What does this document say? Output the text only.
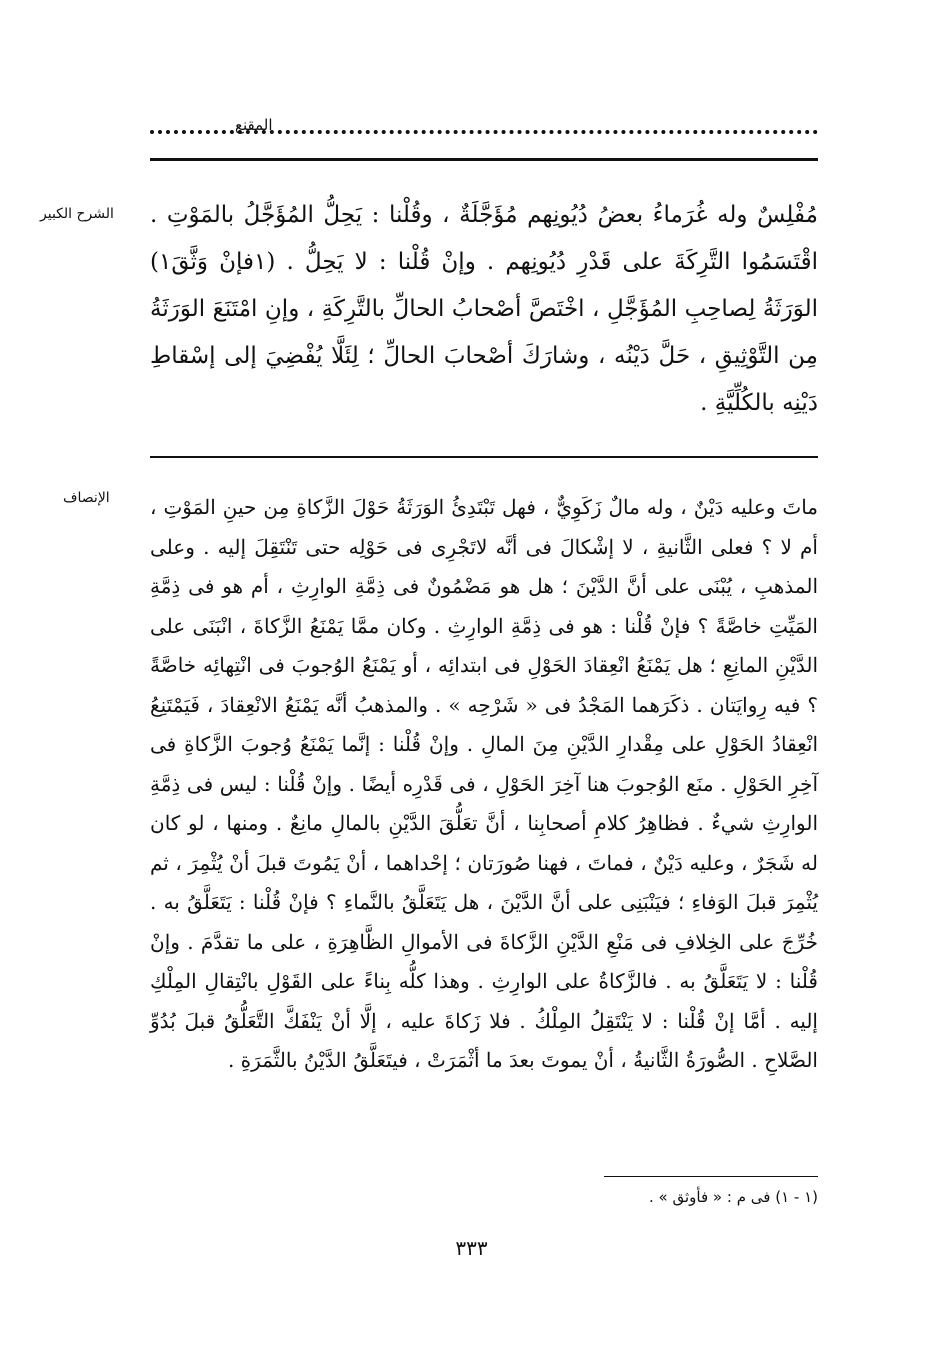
المقنع
الشرح الكبير مُفْلِسٌ وله غُرَماءُ بعضُ دُيُونِهم مُؤَجَّلَةٌ ، وقُلْنا : يَحِلُّ المُؤَجَّلُ بالمَوْتِ . اقْتَسَمُوا التَّرِكَةَ على قَدْرِ دُيُونِهم . وإنْ قُلْنا : لا يَحِلُّ . (١فإنْ وَثَّقَ١) الوَرَثَةُ لِصاحِبِ المُؤَجَّلِ ، اخْتَصَّ أصْحابُ الحالِّ بالتَّرِكَةِ ، وإنِ امْتَنَعَ الوَرَثَةُ مِن التَّوْثِيقِ ، حَلَّ دَيْنُه ، وشارَكَ أصْحابَ الحالِّ ؛ لِئَلَّا يُفْضِيَ إلى إسْقاطِ دَيْنِه بالكُلِّيَّةِ .

الإنصاف ماتَ وعليه دَيْنٌ ، وله مالٌ زَكَوِيٌّ ، فهل تَبْتَدِئُ الوَرَثَةُ حَوْلَ الزَّكاةِ مِن حينِ المَوْتِ ، أم لا ؟ فعلى الثَّانيةِ ، لا إشْكالَ فى أنَّه لاتَجْرِى فى حَوْلِه حتى تَنْتَقِلَ إليه . وعلى المذهبِ ، يُبْنَى على أنَّ الدَّيْنَ ؛ هل هو مَضْمُونٌ فى ذِمَّةِ الوارِثِ ، أم هو فى ذِمَّةِ المَيِّتِ خاصَّةً ؟ فإنْ قُلْنا : هو فى ذِمَّةِ الوارِثِ . وكان ممَّا يَمْنَعُ الزَّكاةَ ، انْبَنَى على الدَّيْنِ المانِعِ ؛ هل يَمْنَعُ انْعِقادَ الحَوْلِ فى ابتدائِه ، أو يَمْنَعُ الوُجوبَ فى انْتِهائِه خاصَّةً ؟ فيه رِوايَتان . ذكَرَهما المَجْدُ فى « شَرْحِه » . والمذهبُ أنَّه يَمْنَعُ الانْعِقادَ ، فَيَمْتَنِعُ انْعِقادُ الحَوْلِ على مِقْدارِ الدَّيْنِ مِنَ المالِ . وإنْ قُلْنا : إنَّما يَمْنَعُ وُجوبَ الزَّكاةِ فى آخِرِ الحَوْلِ . منَع الوُجوبَ هنا آخِرَ الحَوْلِ ، فى قَدْرِه أيضًا . وإنْ قُلْنا : ليس فى ذِمَّةِ الوارِثِ شيءٌ . فظاهِرُ كلامِ أصحابِنا ، أنَّ تعَلُّقَ الدَّيْنِ بالمالِ مانِعٌ . ومنها ، لو كان له شَجَرٌ ، وعليه دَيْنٌ ، فماتَ ، فهنا صُورَتان ؛ إحْداهما ، أنْ يَمُوتَ قبلَ أنْ يُثْمِرَ ، ثم يُثْمِرَ قبلَ الوَفاءِ ؛ فيَنْبَنِى على أنَّ الدَّيْنَ ، هل يَتَعَلَّقُ بالنَّماءِ ؟ فإنْ قُلْنا : يَتَعَلَّقُ به . خُرِّجَ على الخِلافِ فى مَنْعِ الدَّيْنِ الزَّكاةَ فى الأموالِ الظَّاهِرَةِ ، على ما تقدَّمَ . وإنْ قُلْنا : لا يَتَعَلَّقُ به . فالزَّكاةُ على الوارِثِ . وهذا كلُّه بِناءً على القَوْلِ بانْتِقالِ المِلْكِ إليه . أمَّا إنْ قُلْنا : لا يَنْتَقِلُ المِلْكُ . فلا زَكاةَ عليه ، إلَّا أنْ يَنْفَكَّ التَّعَلُّقُ قبلَ بُدُوِّ الصَّلاحِ . الصُّورَةُ الثَّانيةُ ، أنْ يموتَ بعدَ ما أثْمَرَتْ ، فيتَعَلَّقُ الدَّيْنُ بالثَّمَرَةِ .

(١ - ١) فى م : « فأوثق » .
٣٣٣
